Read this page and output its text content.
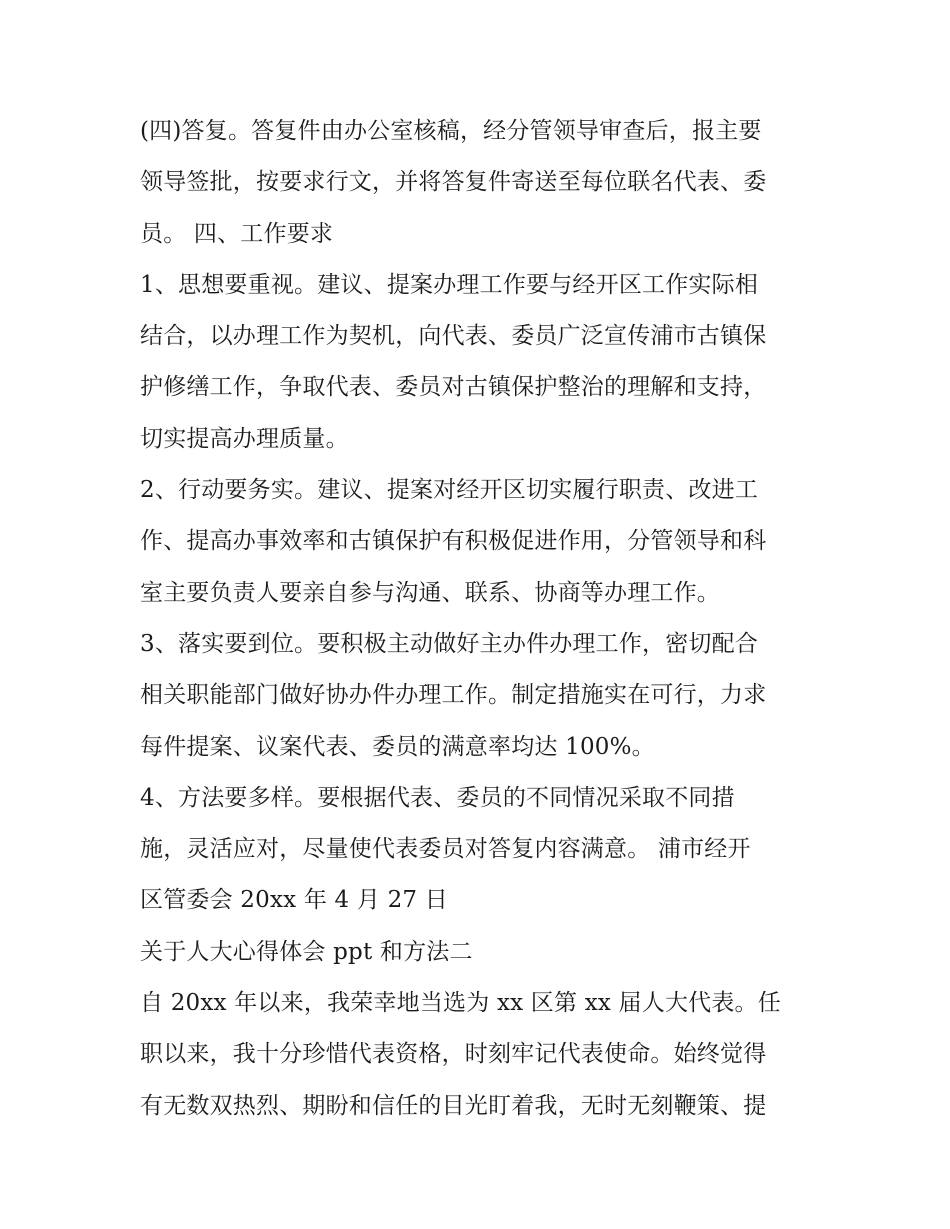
(四)答复。答复件由办公室核稿，经分管领导审查后，报主要
领导签批，按要求行文，并将答复件寄送至每位联名代表、委
员。 四、工作要求
1、思想要重视。建议、提案办理工作要与经开区工作实际相
结合，以办理工作为契机，向代表、委员广泛宣传浦市古镇保
护修缮工作，争取代表、委员对古镇保护整治的理解和支持，
切实提高办理质量。
2、行动要务实。建议、提案对经开区切实履行职责、改进工
作、提高办事效率和古镇保护有积极促进作用，分管领导和科
室主要负责人要亲自参与沟通、联系、协商等办理工作。
3、落实要到位。要积极主动做好主办件办理工作，密切配合
相关职能部门做好协办件办理工作。制定措施实在可行，力求
每件提案、议案代表、委员的满意率均达 100%。
4、方法要多样。要根据代表、委员的不同情况采取不同措
施，灵活应对，尽量使代表委员对答复内容满意。 浦市经开
区管委会 20xx 年 4 月 27 日
关于人大心得体会 ppt 和方法二
自 20xx 年以来，我荣幸地当选为 xx 区第 xx 届人大代表。任
职以来，我十分珍惜代表资格，时刻牢记代表使命。始终觉得
有无数双热烈、期盼和信任的目光盯着我，无时无刻鞭策、提
